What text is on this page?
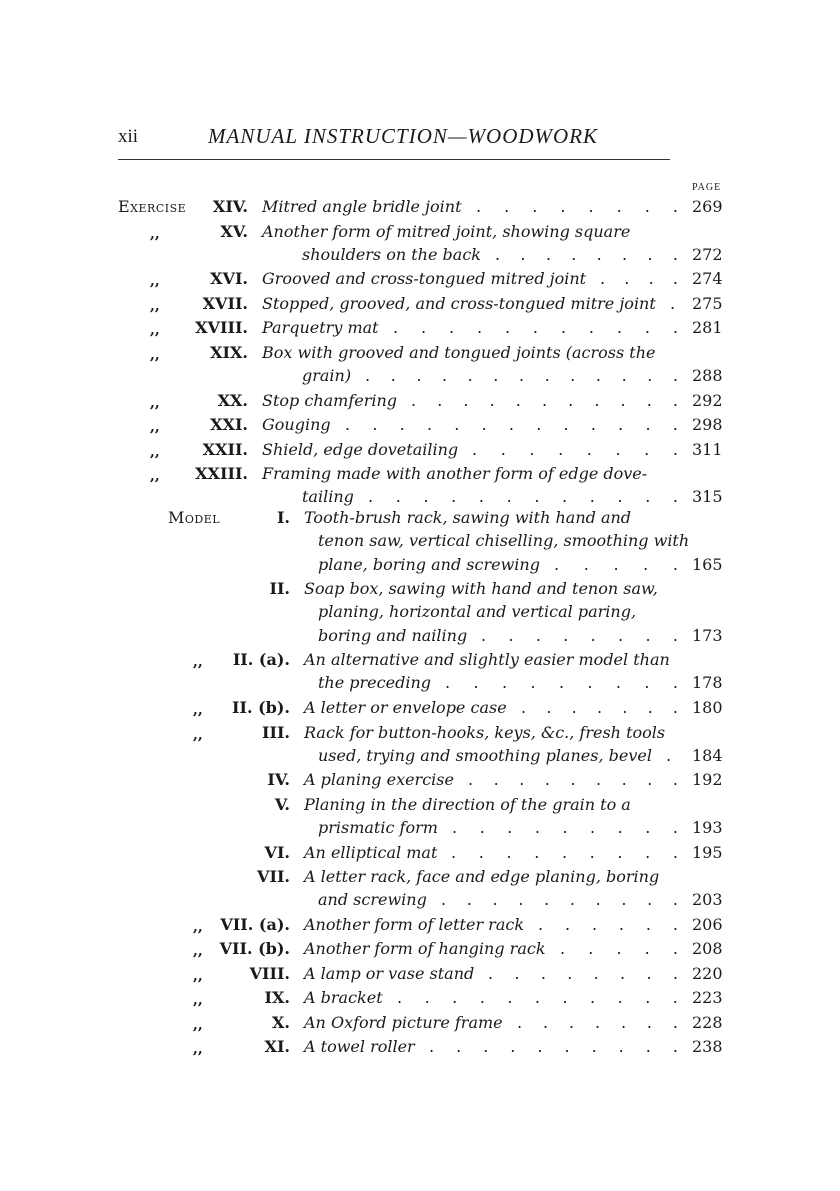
xii	MANUAL INSTRUCTION—WOODWORK
PAGE
Exercise XIV. Mitred angle bridle joint	269
. . . . . . . .
,,	XV. Another form of mitred joint, showing square
shoulders on the back	272
. . . . . . . .
,,	XVI. Grooved and cross-tongued mitred joint	274
. . . .
,,	XVII. Stopped, grooved, and cross-tongued mitre joint 275
.
,, XVIII. Parquetry mat	281
. . . . . . . . . . .
,,	XIX. Box with grooved and tongued joints (across the
grain)	288
. . . . . . . . . . . . .
,,	XX. Stop chamfering	292
. . . . . . . . . . .
,,	XXI. Gouging	298
. . . . . . . . . . . . .
,,	XXII. Shield, edge dovetailing	311
. . . . . . . .
,, XXIII. Framing made with another form of edge dove-
tailing	315
. . . . . . . . . . . .
Model	I. Tooth-brush rack, sawing with hand and
tenon saw, vertical chiselling, smoothing with
plane, boring and screwing	165
. . . . .
II. Soap box, sawing with hand and tenon saw,
planing, horizontal and vertical paring,
boring and nailing	173
. . . . . . . .
,, II. (a). An alternative and slightly easier model than
the preceding	178
. . . . . . . . .
,, II. (b). A letter or envelope case	180
. . . . . . .
,,	III. Rack for button-hooks, keys, &c., fresh tools
used, trying and smoothing planes, bevel	184
.
IV. A planing exercise	192
. . . . . . . . .
V. Planing in the direction of the grain to a
prismatic form	193
. . . . . . . . .
VI. An elliptical mat	195
. . . . . . . . .
VII. A letter rack, face and edge planing, boring
and screwing	203
. . . . . . . . . .
,, VII. (a). Another form of letter rack	206
. . . . . .
,, VII. (b). Another form of hanging rack	208
. . . . .
,,	VIII. A lamp or vase stand	220
. . . . . . . .
,,	IX. A bracket	223
. . . . . . . . . . .
,,	X. An Oxford picture frame	228
. . . . . . .
,,	XI. A towel roller	238
. . . . . . . . . .
